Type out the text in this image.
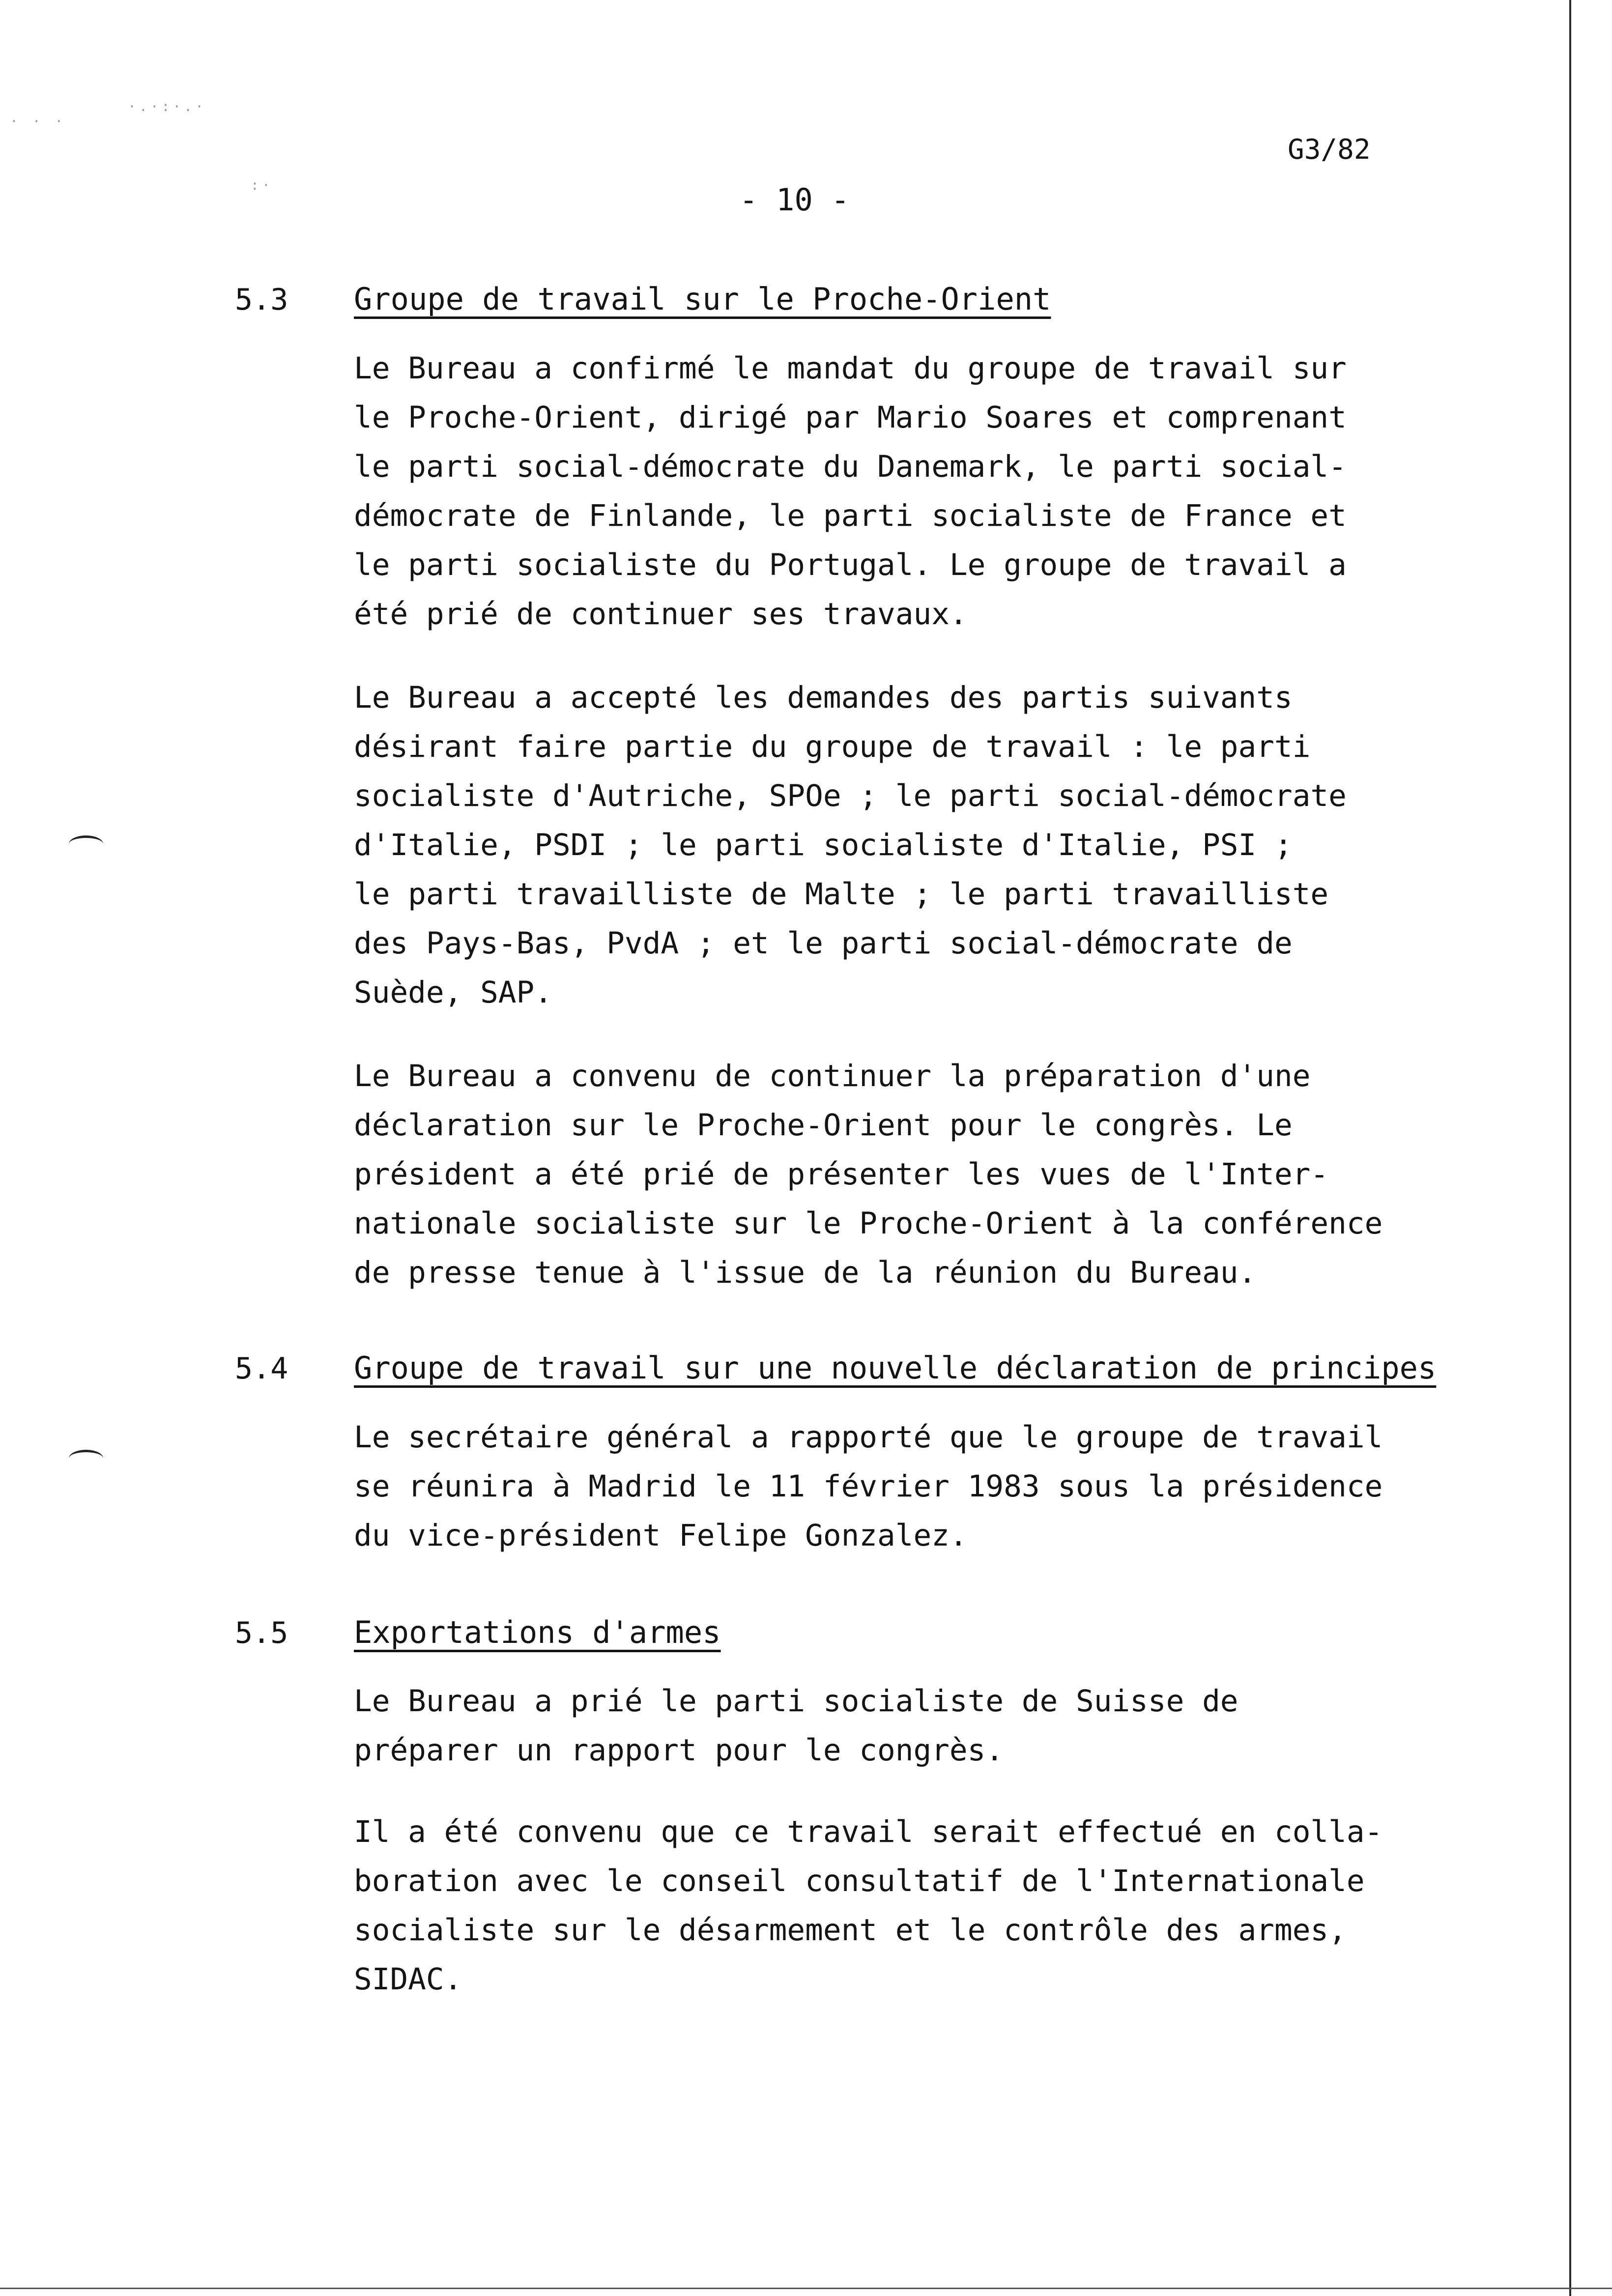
· · ·
·.·:·.·
:·
G3/82
- 10 -
5.3 Groupe de travail sur le Proche-Orient
Le Bureau a confirmé le mandat du groupe de travail sur
le Proche-Orient, dirigé par Mario Soares et comprenant
le parti social-démocrate du Danemark, le parti social-
démocrate de Finlande, le parti socialiste de France et
le parti socialiste du Portugal. Le groupe de travail a
été prié de continuer ses travaux.
Le Bureau a accepté les demandes des partis suivants
désirant faire partie du groupe de travail : le parti
socialiste d'Autriche, SPOe ; le parti social-démocrate
d'Italie, PSDI ; le parti socialiste d'Italie, PSI ;
le parti travailliste de Malte ; le parti travailliste
des Pays-Bas, PvdA ; et le parti social-démocrate de
Suède, SAP.
Le Bureau a convenu de continuer la préparation d'une
déclaration sur le Proche-Orient pour le congrès. Le
président a été prié de présenter les vues de l'Inter-
nationale socialiste sur le Proche-Orient à la conférence
de presse tenue à l'issue de la réunion du Bureau.
5.4 Groupe de travail sur une nouvelle déclaration de principes
Le secrétaire général a rapporté que le groupe de travail
se réunira à Madrid le 11 février 1983 sous la présidence
du vice-président Felipe Gonzalez.
5.5 Exportations d'armes
Le Bureau a prié le parti socialiste de Suisse de
préparer un rapport pour le congrès.
Il a été convenu que ce travail serait effectué en colla-
boration avec le conseil consultatif de l'Internationale
socialiste sur le désarmement et le contrôle des armes,
SIDAC.
